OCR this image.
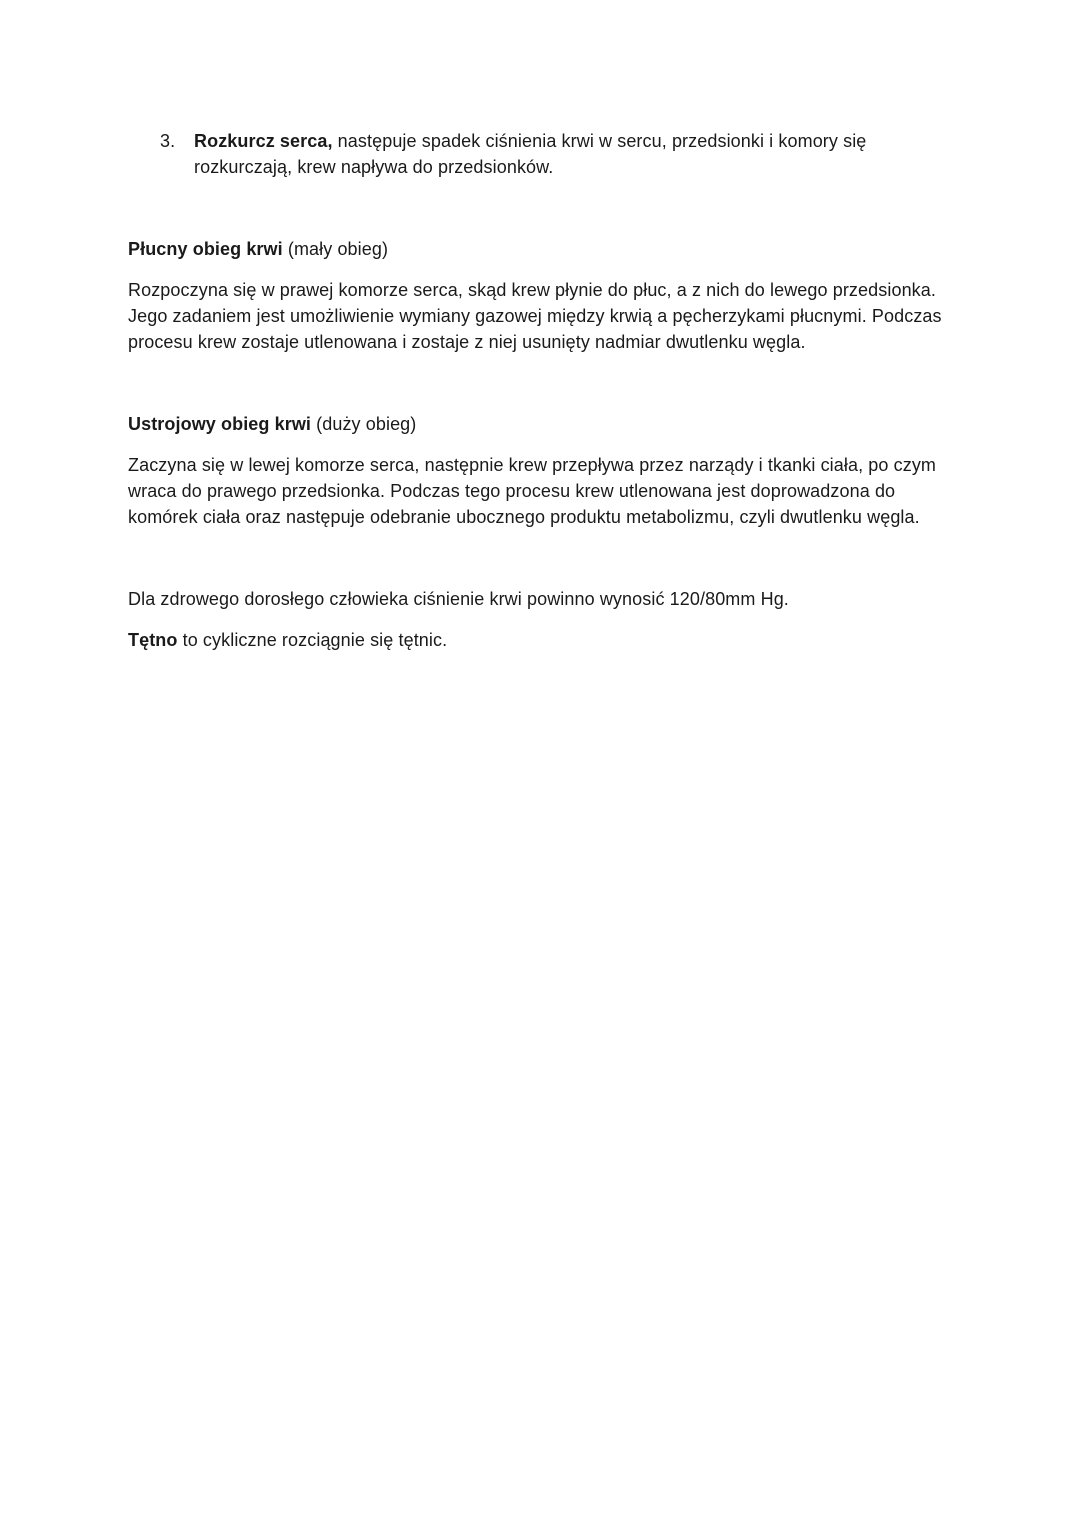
3. Rozkurcz serca, następuje spadek ciśnienia krwi w sercu, przedsionki i komory się rozkurczają, krew napływa do przedsionków.
Płucny obieg krwi (mały obieg)

Rozpoczyna się w prawej komorze serca, skąd krew płynie do płuc, a z nich do lewego przedsionka. Jego zadaniem jest umożliwienie wymiany gazowej między krwią a pęcherzykami płucnymi. Podczas procesu krew zostaje utlenowana i zostaje z niej usunięty nadmiar dwutlenku węgla.

Ustrojowy obieg krwi (duży obieg)

Zaczyna się w lewej komorze serca, następnie krew przepływa przez narządy i tkanki ciała, po czym wraca do prawego przedsionka. Podczas tego procesu krew utlenowana jest doprowadzona do komórek ciała oraz następuje odebranie ubocznego produktu metabolizmu, czyli dwutlenku węgla.

Dla zdrowego dorosłego człowieka ciśnienie krwi powinno wynosić 120/80mm Hg.

Tętno to cykliczne rozciągnie się tętnic.
